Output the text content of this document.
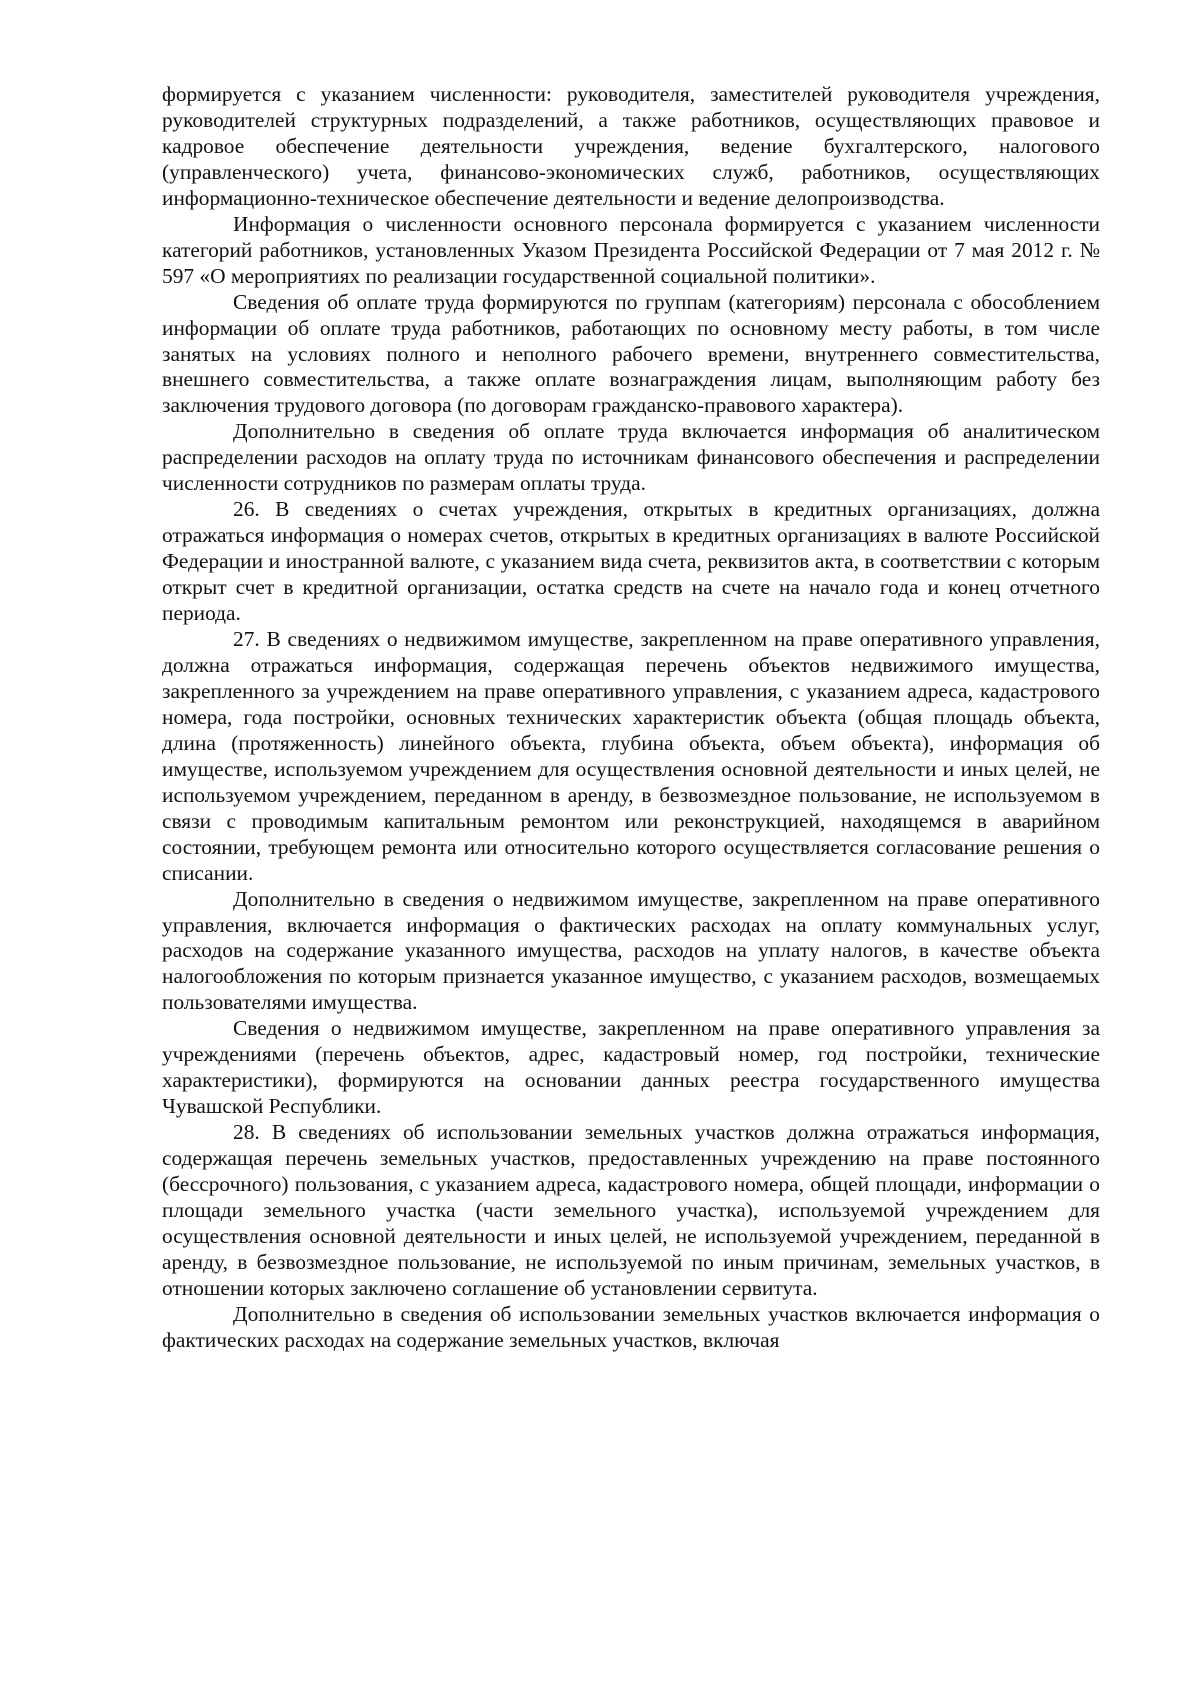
формируется с указанием численности: руководителя, заместителей руководителя учреждения, руководителей структурных подразделений, а также работников, осуществляющих правовое и кадровое обеспечение деятельности учреждения, ведение бухгалтерского, налогового (управленческого) учета, финансово-экономических служб, работников, осуществляющих информационно-техническое обеспечение деятельности и ведение делопроизводства.

Информация о численности основного персонала формируется с указанием численности категорий работников, установленных Указом Президента Российской Федерации от 7 мая 2012 г. № 597 «О мероприятиях по реализации государственной социальной политики».

Сведения об оплате труда формируются по группам (категориям) персонала с обособлением информации об оплате труда работников, работающих по основному месту работы, в том числе занятых на условиях полного и неполного рабочего времени, внутреннего совместительства, внешнего совместительства, а также оплате вознаграждения лицам, выполняющим работу без заключения трудового договора (по договорам гражданско-правового характера).

Дополнительно в сведения об оплате труда включается информация об аналитическом распределении расходов на оплату труда по источникам финансового обеспечения и распределении численности сотрудников по размерам оплаты труда.

26. В сведениях о счетах учреждения, открытых в кредитных организациях, должна отражаться информация о номерах счетов, открытых в кредитных организациях в валюте Российской Федерации и иностранной валюте, с указанием вида счета, реквизитов акта, в соответствии с которым открыт счет в кредитной организации, остатка средств на счете на начало года и конец отчетного периода.

27. В сведениях о недвижимом имуществе, закрепленном на праве оперативного управления, должна отражаться информация, содержащая перечень объектов недвижимого имущества, закрепленного за учреждением на праве оперативного управления, с указанием адреса, кадастрового номера, года постройки, основных технических характеристик объекта (общая площадь объекта, длина (протяженность) линейного объекта, глубина объекта, объем объекта), информация об имуществе, используемом учреждением для осуществления основной деятельности и иных целей, не используемом учреждением, переданном в аренду, в безвозмездное пользование, не используемом в связи с проводимым капитальным ремонтом или реконструкцией, находящемся в аварийном состоянии, требующем ремонта или относительно которого осуществляется согласование решения о списании.

Дополнительно в сведения о недвижимом имуществе, закрепленном на праве оперативного управления, включается информация о фактических расходах на оплату коммунальных услуг, расходов на содержание указанного имущества, расходов на уплату налогов, в качестве объекта налогообложения по которым признается указанное имущество, с указанием расходов, возмещаемых пользователями имущества.

Сведения о недвижимом имуществе, закрепленном на праве оперативного управления за учреждениями (перечень объектов, адрес, кадастровый номер, год постройки, технические характеристики), формируются на основании данных реестра государственного имущества Чувашской Республики.

28. В сведениях об использовании земельных участков должна отражаться информация, содержащая перечень земельных участков, предоставленных учреждению на праве постоянного (бессрочного) пользования, с указанием адреса, кадастрового номера, общей площади, информации о площади земельного участка (части земельного участка), используемой учреждением для осуществления основной деятельности и иных целей, не используемой учреждением, переданной в аренду, в безвозмездное пользование, не используемой по иным причинам, земельных участков, в отношении которых заключено соглашение об установлении сервитута.

Дополнительно в сведения об использовании земельных участков включается информация о фактических расходах на содержание земельных участков, включая
